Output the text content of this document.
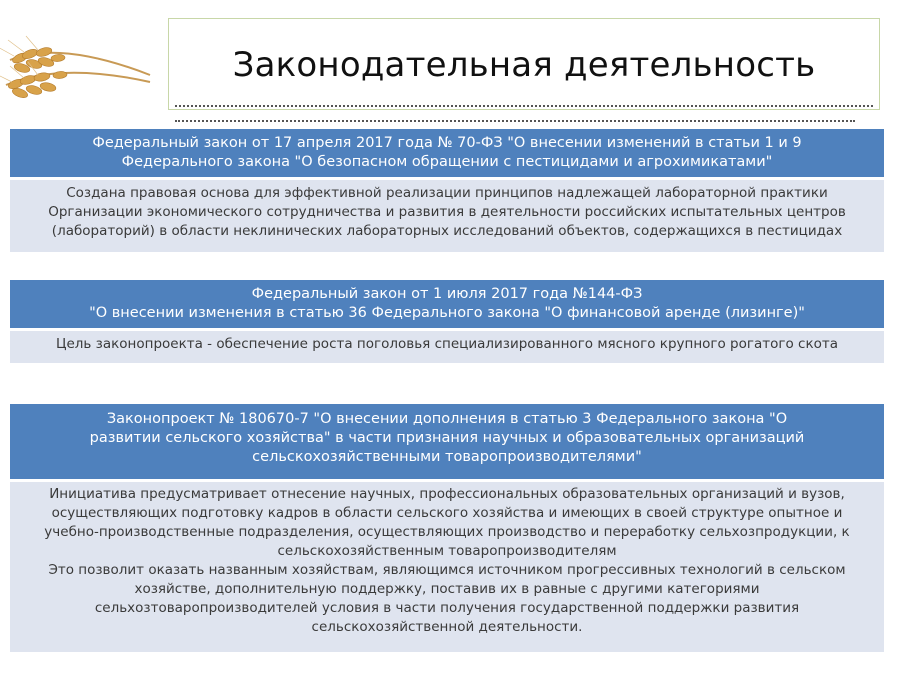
Законодательная деятельность
Федеральный закон от 17 апреля 2017 года № 70-ФЗ "О внесении изменений в статьи 1 и 9
Федерального закона "О безопасном обращении с пестицидами и агрохимикатами"
Создана правовая основа для эффективной реализации принципов надлежащей лабораторной практики
Организации экономического сотрудничества и развития в деятельности российских испытательных центров
(лабораторий) в области неклинических лабораторных исследований объектов, содержащихся в пестицидах
Федеральный закон от 1 июля 2017 года №144-ФЗ
"О внесении изменения в статью 36 Федерального закона "О финансовой аренде (лизинге)"
Цель законопроекта - обеспечение роста поголовья специализированного мясного крупного рогатого скота
Законопроект № 180670-7 "О внесении дополнения в статью 3 Федерального закона "О
развитии сельского хозяйства" в части признания научных и образовательных организаций
сельскохозяйственными товаропроизводителями"
Инициатива предусматривает отнесение научных, профессиональных образовательных организаций и вузов,
осуществляющих подготовку кадров в области сельского хозяйства и имеющих в своей структуре опытное и
учебно-производственные подразделения, осуществляющих производство и переработку сельхозпродукции, к
сельскохозяйственным товаропроизводителям
Это позволит оказать названным хозяйствам, являющимся источником прогрессивных технологий в сельском
хозяйстве, дополнительную поддержку, поставив их в равные с другими категориями
сельхозтоваропроизводителей условия в части получения государственной поддержки развития
сельскохозяйственной деятельности.
